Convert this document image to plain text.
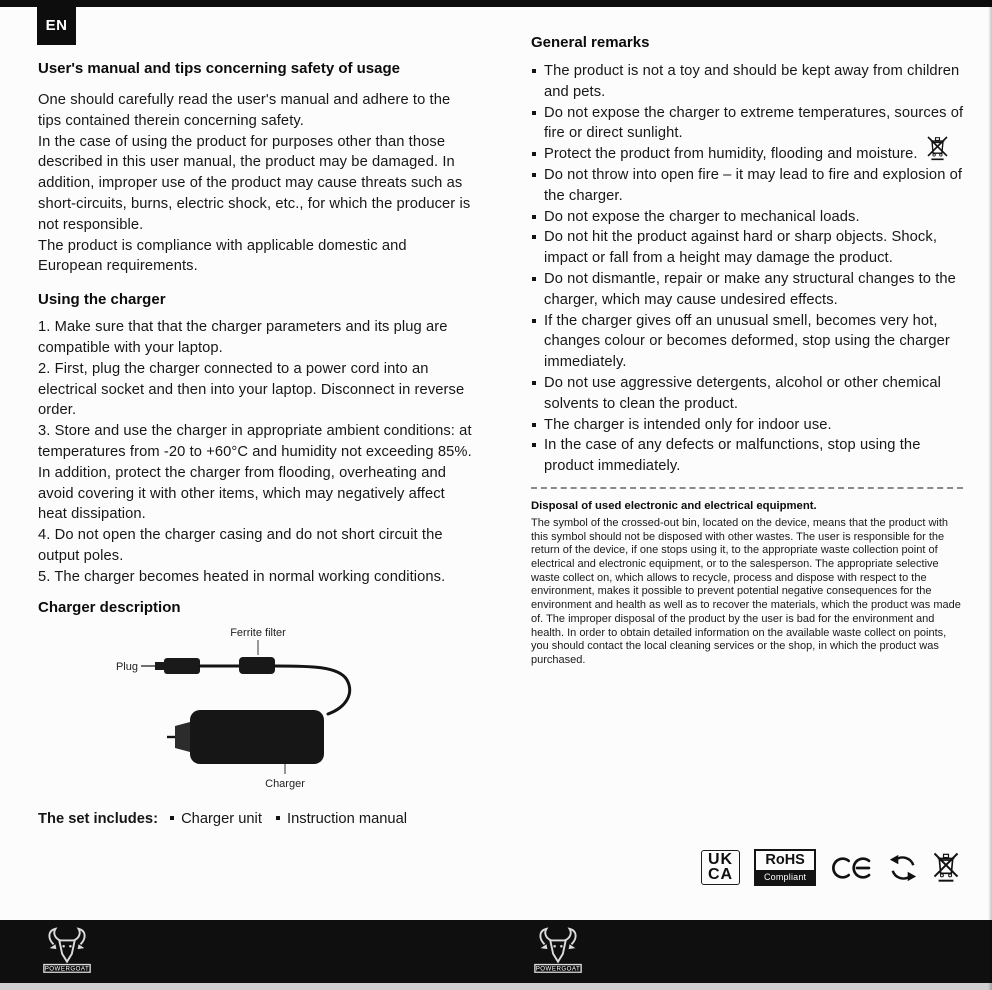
EN
User's manual and tips concerning safety of usage

One should carefully read the user's manual and adhere to the tips contained therein concerning safety.

In the case of using the product for purposes other than those described in this user manual, the product may be damaged. In addition, improper use of the product may cause threats such as short-circuits, burns, electric shock, etc., for which the producer is not responsible.

The product is compliance with applicable domestic and European requirements.

Using the charger

1. Make sure that that the charger parameters and its plug are compatible with your laptop.

2. First, plug the charger connected to a power cord into an electrical socket and then into your laptop. Disconnect in reverse order.

3. Store and use the charger in appropriate ambient conditions: at temperatures from -20 to +60°C and humidity not exceeding 85%. In addition, protect the charger from flooding, overheating and avoid covering it with other items, which may negatively affect heat dissipation.

4. Do not open the charger casing and do not short circuit the output poles.

5. The charger becomes heated in normal working conditions.

Charger description
Ferrite filter
Plug
Charger
The set includes: Charger unit Instruction manual
General remarks
The product is not a toy and should be kept away from children and pets.
Do not expose the charger to extreme temperatures, sources of fire or direct sunlight.
Protect the product from humidity, flooding and moisture.
Do not throw into open fire – it may lead to fire and explosion of the charger.
Do not expose the charger to mechanical loads.
Do not hit the product against hard or sharp objects. Shock, impact or fall from a height may damage the product.
Do not dismantle, repair or make any structural changes to the charger, which may cause undesired effects.
If the charger gives off an unusual smell, becomes very hot, changes colour or becomes deformed, stop using the charger immediately.
Do not use aggressive detergents, alcohol or other chemical solvents to clean the product.
The charger is intended only for indoor use.
In the case of any defects or malfunctions, stop using the product immediately.
Disposal of used electronic and electrical equipment.

The symbol of the crossed-out bin, located on the device, means that the product with this symbol should not be disposed with other wastes. The user is responsible for the return of the device, if one stops using it, to the appropriate waste collection point of electrical and electronic equipment, or to the salesperson. The appropriate selective waste collect on, which allows to recycle, process and dispose with respect to the environment, makes it possible to prevent potential negative consequences for the environment and health as well as to recover the materials, which the product was made of. The improper disposal of the product by the user is bad for the environment and health. In order to obtain detailed information on the available waste collect on points, you should contact the local cleaning services or the shop, in which the product was purchased.

UK
CA
RoHS
Compliant
POWERGOAT	POWERGOAT
